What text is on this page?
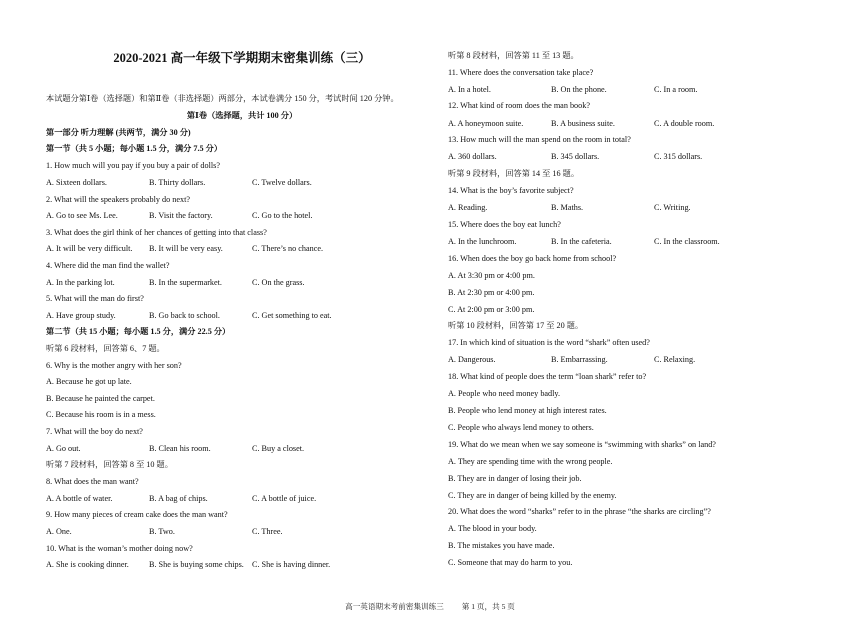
2020-2021 高一年级下学期期末密集训练（三）
本试题分第Ⅰ卷（选择题）和第Ⅱ卷（非选择题）两部分，本试卷满分 150 分，考试时间 120 分钟。
第Ⅰ卷（选择题，共计 100 分）
第一部分 听力理解 (共两节，满分 30 分)
第一节（共 5 小题；每小题 1.5 分，满分 7.5 分）
1. How much will you pay if you buy a pair of dolls?
A. Sixteen dollars.	B. Thirty dollars.	C. Twelve dollars.
2. What will the speakers probably do next?
A. Go to see Ms. Lee.	B. Visit the factory.	C. Go to the hotel.
3. What does the girl think of her chances of getting into that class?
A. It will be very difficult. B. It will be very easy.	C. There’s no chance.
4. Where did the man find the wallet?
A. In the parking lot.	B. In the supermarket.	C. On the grass.
5. What will the man do first?
A. Have group study.	B. Go back to school.	C. Get something to eat.
第二节（共 15 小题；每小题 1.5 分，满分 22.5 分）
听第 6 段材料，回答第 6、7 题。
6. Why is the mother angry with her son?
A. Because he got up late.
B. Because he painted the carpet.
C. Because his room is in a mess.
7. What will the boy do next?
A. Go out.	B. Clean his room.	C. Buy a closet.
听第 7 段材料，回答第 8 至 10 题。
8. What does the man want?
A. A bottle of water.	B. A bag of chips.	C. A bottle of juice.
9. How many pieces of cream cake does the man want?
A. One.	B. Two.	C. Three.
10. What is the woman’s mother doing now?
A. She is cooking dinner. B. She is buying some chips. C. She is having dinner.
听第 8 段材料，回答第 11 至 13 题。
11. Where does the conversation take place?
A. In a hotel.	B. On the phone.	C. In a room.
12. What kind of room does the man book?
A. A honeymoon suite.	B. A business suite.	C. A double room.
13. How much will the man spend on the room in total?
A. 360 dollars.	B. 345 dollars.	C. 315 dollars.
听第 9 段材料，回答第 14 至 16 题。
14. What is the boy’s favorite subject?
A. Reading.	B. Maths.	C. Writing.
15. Where does the boy eat lunch?
A. In the lunchroom.	B. In the cafeteria.	C. In the classroom.
16. When does the boy go back home from school?
A. At 3:30 pm or 4:00 pm.
B. At 2:30 pm or 4:00 pm.
C. At 2:00 pm or 3:00 pm.
听第 10 段材料，回答第 17 至 20 题。
17. In which kind of situation is the word “shark” often used?
A. Dangerous.	B. Embarrassing.	C. Relaxing.
18. What kind of people does the term “loan shark” refer to?
A. People who need money badly.
B. People who lend money at high interest rates.
C. People who always lend money to others.
19. What do we mean when we say someone is “swimming with sharks” on land?
A. They are spending time with the wrong people.
B. They are in danger of losing their job.
C. They are in danger of being killed by the enemy.
20. What does the word “sharks” refer to in the phrase “the sharks are circling”?
A. The blood in your body.
B. The mistakes you have made.
C. Someone that may do harm to you.
高一英语期末考前密集训练三 第 1 页，共 5 页
